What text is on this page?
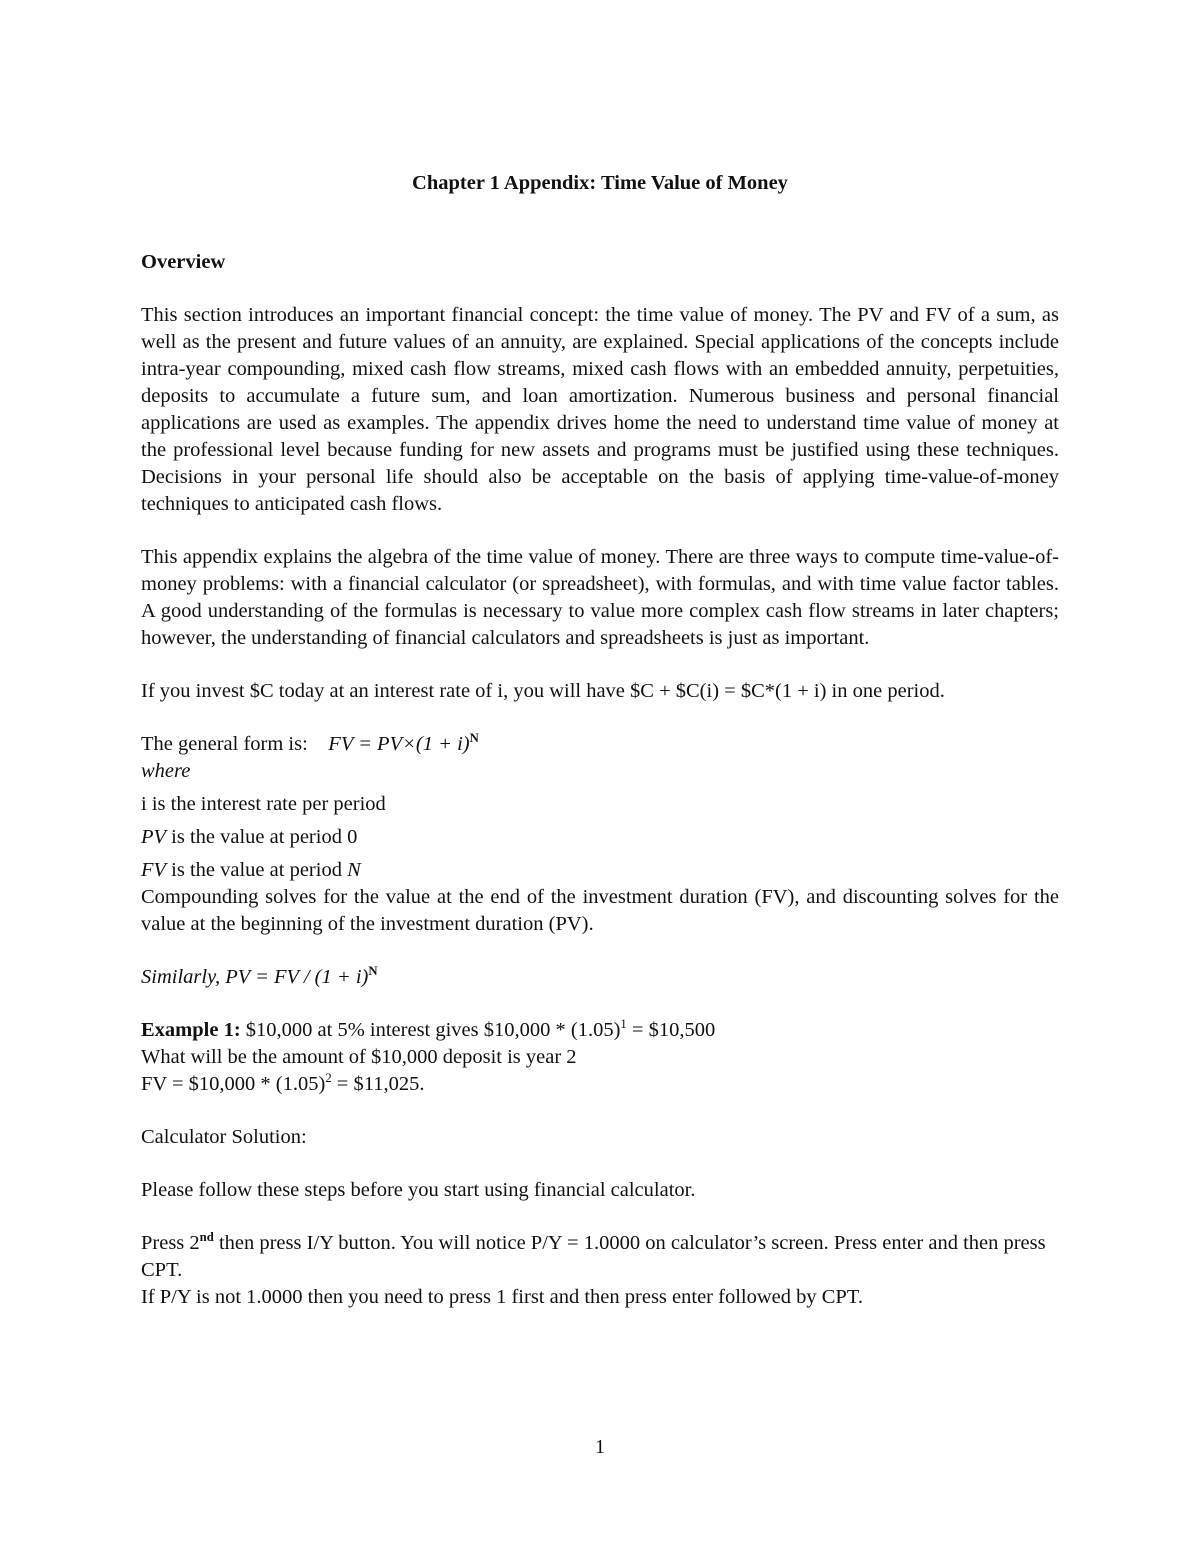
Chapter 1 Appendix: Time Value of Money
Overview

This section introduces an important financial concept: the time value of money. The PV and FV of a sum, as well as the present and future values of an annuity, are explained. Special applications of the concepts include intra-year compounding, mixed cash flow streams, mixed cash flows with an embedded annuity, perpetuities, deposits to accumulate a future sum, and loan amortization. Numerous business and personal financial applications are used as examples. The appendix drives home the need to understand time value of money at the professional level because funding for new assets and programs must be justified using these techniques. Decisions in your personal life should also be acceptable on the basis of applying time-value-of-money techniques to anticipated cash flows.

This appendix explains the algebra of the time value of money. There are three ways to compute time-value-of-money problems: with a financial calculator (or spreadsheet), with formulas, and with time value factor tables. A good understanding of the formulas is necessary to value more complex cash flow streams in later chapters; however, the understanding of financial calculators and spreadsheets is just as important.

If you invest $C today at an interest rate of i, you will have $C + $C(i) = $C*(1 + i) in one period.

The general form is: FV = $PV\times(1 + i)^N$
where
i is the interest rate per period
PV is the value at period 0
FV is the value at period N

Compounding solves for the value at the end of the investment duration (FV), and discounting solves for the value at the beginning of the investment duration (PV).

Similarly, PV = FV / $(1 + i)^N$

Example 1: $10,000 at 5% interest gives $10,000 * $(1.05)^1$ = $10,500
What will be the amount of $10,000 deposit is year 2
FV = $10,000 * $(1.05)^2$ = $11,025.

Calculator Solution:

Please follow these steps before you start using financial calculator.

Press 2nd then press I/Y button. You will notice P/Y = 1.0000 on calculator’s screen. Press enter and then press CPT.
If P/Y is not 1.0000 then you need to press 1 first and then press enter followed by CPT.
1
